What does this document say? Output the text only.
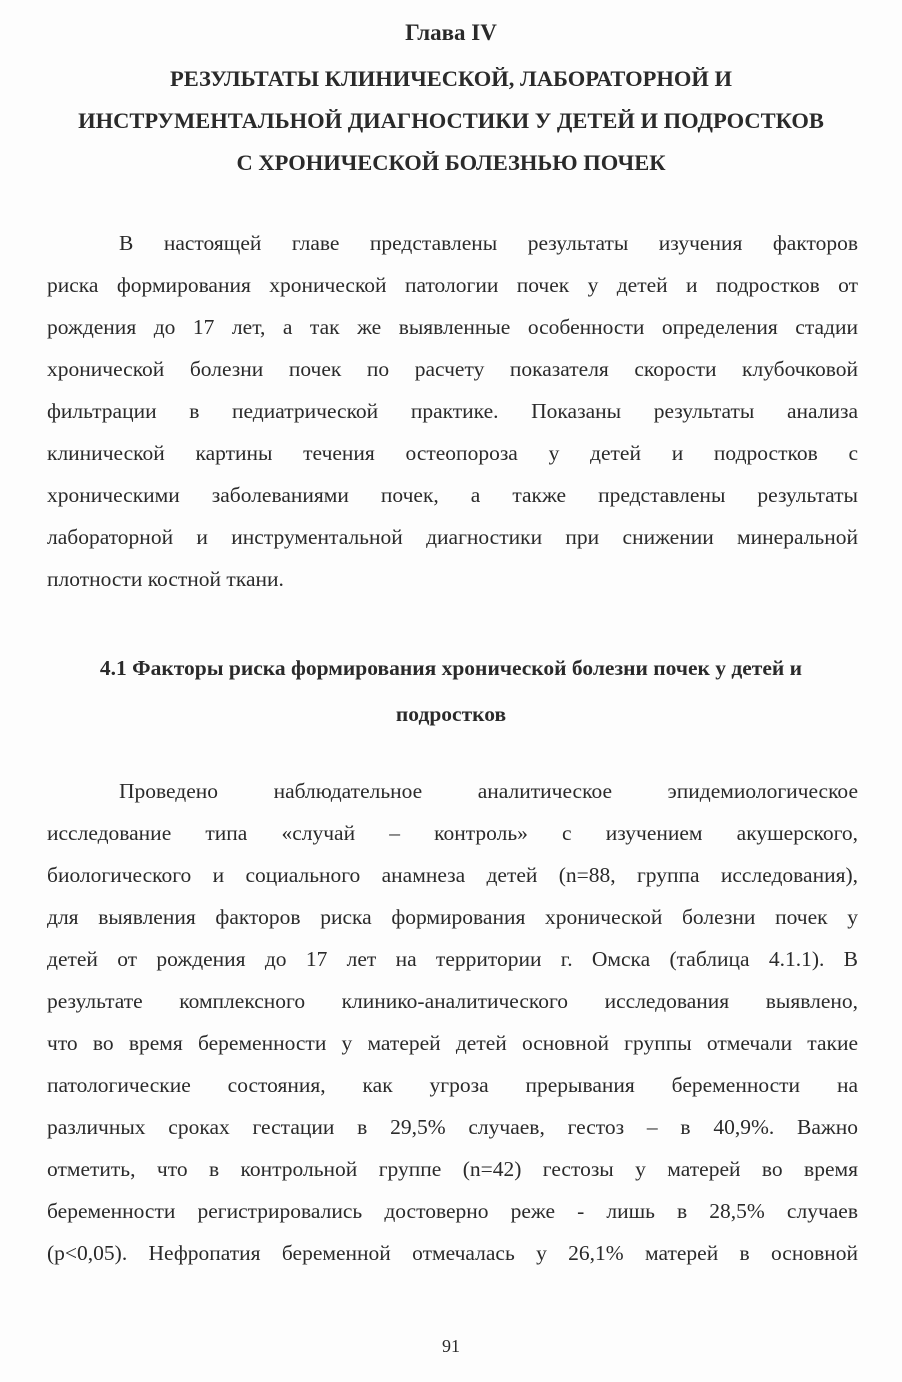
Глава IV
РЕЗУЛЬТАТЫ КЛИНИЧЕСКОЙ, ЛАБОРАТОРНОЙ И
ИНСТРУМЕНТАЛЬНОЙ ДИАГНОСТИКИ У ДЕТЕЙ И ПОДРОСТКОВ
С ХРОНИЧЕСКОЙ БОЛЕЗНЬЮ ПОЧЕК
В настоящей главе представлены результаты изучения факторов
риска формирования хронической патологии почек у детей и подростков от
рождения до 17 лет, а так же выявленные особенности определения стадии
хронической болезни почек по расчету показателя скорости клубочковой
фильтрации в педиатрической практике. Показаны результаты анализа
клинической картины течения остеопороза у детей и подростков с
хроническими заболеваниями почек, а также представлены результаты
лабораторной и инструментальной диагностики при снижении минеральной
плотности костной ткани.
4.1 Факторы риска формирования хронической болезни почек у детей и
подростков
Проведено наблюдательное аналитическое эпидемиологическое
исследование типа «случай – контроль» с изучением акушерского,
биологического и социального анамнеза детей (n=88, группа исследования),
для выявления факторов риска формирования хронической болезни почек у
детей от рождения до 17 лет на территории г. Омска (таблица 4.1.1). В
результате комплексного клинико-аналитического исследования выявлено,
что во время беременности у матерей детей основной группы отмечали такие
патологические состояния, как угроза прерывания беременности на
различных сроках гестации в 29,5% случаев, гестоз – в 40,9%. Важно
отметить, что в контрольной группе (n=42) гестозы у матерей во время
беременности регистрировались достоверно реже - лишь в 28,5% случаев
(p<0,05). Нефропатия беременной отмечалась у 26,1% матерей в основной
91
